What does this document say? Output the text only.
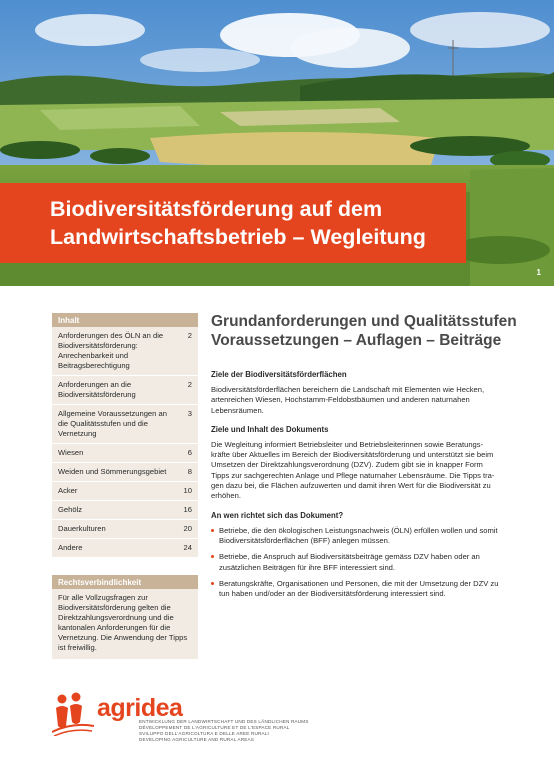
Biodiversitätsförderung auf dem
Landwirtschaftsbetrieb – Wegleitung
1
Inhalt
Anforderungen des ÖLN an die Biodiversitätsförderung: Anrechenbarkeit und Beitragsberechtigung
2
Anforderungen an die Biodiversitätsförderung
2
Allgemeine Voraussetzungen an die Qualitätsstufen und die Vernetzung
3
Wiesen	6
Weiden und Sömmerungsgebiet	8
Acker	10
Gehölz	16
Dauerkulturen	20
Andere	24
Rechtsverbindlichkeit
Für alle Vollzugsfragen zur Biodiversitätsförderung gelten die Direktzahlungsverordnung und die kantonalen Anforderungen für die Vernetzung. Die Anwendung der Tipps ist freiwillig.
Grundanforderungen und Qualitätsstufen
Voraussetzungen – Auflagen – Beiträge
Ziele der Biodiversitätsförderflächen

Biodiversitätsförderflächen bereichern die Landschaft mit Elementen wie Hecken,
artenreichen Wiesen, Hochstamm-Feldobstbäumen und anderen naturnahen
Lebensräumen.

Ziele und Inhalt des Dokuments

Die Wegleitung informiert Betriebsleiter und Betriebsleiterinnen sowie Beratungs-
kräfte über Aktuelles im Bereich der Biodiversitätsförderung und unterstützt sie beim
Umsetzen der Direktzahlungsverordnung (DZV). Zudem gibt sie in knapper Form
Tipps zur sachgerechten Anlage und Pflege naturnaher Lebensräume. Die Tipps tra-
gen dazu bei, die Flächen aufzuwerten und damit ihren Wert für die Biodiversität zu
erhöhen.

An wen richtet sich das Dokument?
Betriebe, die den ökologischen Leistungsnachweis (ÖLN) erfüllen wollen und somit
Biodiversitätsförderflächen (BFF) anlegen müssen.
Betriebe, die Anspruch auf Biodiversitätsbeiträge gemäss DZV haben oder an
zusätzlichen Beiträgen für ihre BFF interessiert sind.
Beratungskräfte, Organisationen und Personen, die mit der Umsetzung der DZV zu
tun haben und/oder an der Biodiversitätsförderung interessiert sind.
agridea
ENTWICKLUNG DER LANDWIRTSCHAFT UND DES LÄNDLICHEN RAUMS
DÉVELOPPEMENT DE L'AGRICULTURE ET DE L'ESPACE RURAL
SVILUPPO DELL'AGRICOLTURA E DELLE AREE RURALI
DEVELOPING AGRICULTURE AND RURAL AREAS
